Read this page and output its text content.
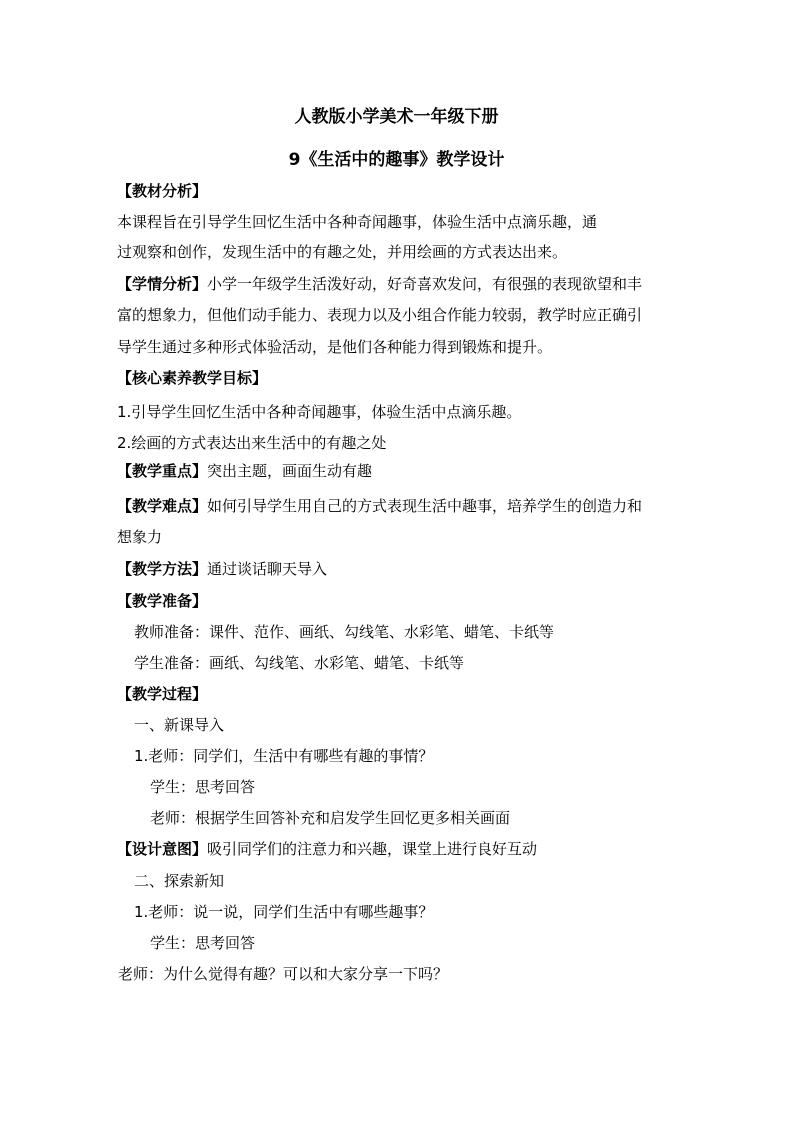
人教版小学美术一年级下册
9《生活中的趣事》教学设计
【教材分析】
本课程旨在引导学生回忆生活中各种奇闻趣事，体验生活中点滴乐趣，通
过观察和创作，发现生活中的有趣之处，并用绘画的方式表达出来。
【学情分析】小学一年级学生活泼好动，好奇喜欢发问，有很强的表现欲望和丰
富的想象力，但他们动手能力、表现力以及小组合作能力较弱，教学时应正确引
导学生通过多种形式体验活动，是他们各种能力得到锻炼和提升。
【核心素养教学目标】
1.引导学生回忆生活中各种奇闻趣事，体验生活中点滴乐趣。
2.绘画的方式表达出来生活中的有趣之处
【教学重点】突出主题，画面生动有趣
【教学难点】如何引导学生用自己的方式表现生活中趣事，培养学生的创造力和
想象力
【教学方法】通过谈话聊天导入
【教学准备】
教师准备：课件、范作、画纸、勾线笔、水彩笔、蜡笔、卡纸等
学生准备：画纸、勾线笔、水彩笔、蜡笔、卡纸等
【教学过程】
一、新课导入
1.老师：同学们，生活中有哪些有趣的事情？
学生：思考回答
老师：根据学生回答补充和启发学生回忆更多相关画面
【设计意图】吸引同学们的注意力和兴趣，课堂上进行良好互动
二、探索新知
1.老师：说一说，同学们生活中有哪些趣事？
学生：思考回答
老师：为什么觉得有趣？可以和大家分享一下吗？
